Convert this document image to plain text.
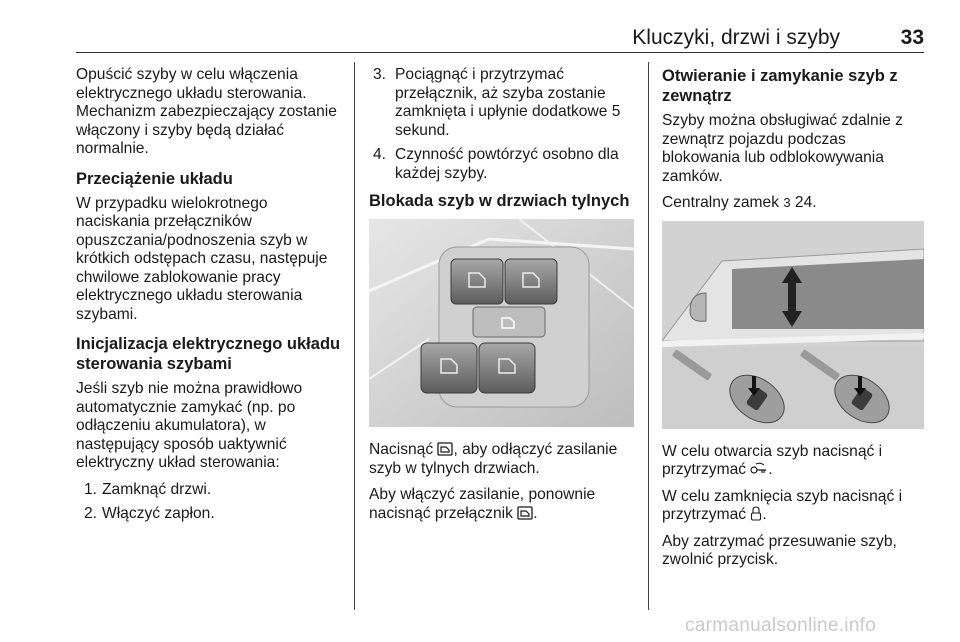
Kluczyki, drzwi i szyby	33

Opuścić szyby w celu włączenia elektrycznego układu sterowania. Mechanizm zabezpieczający zostanie włączony i szyby będą działać normalnie.

Przeciążenie układu

W przypadku wielokrotnego naciskania przełączników opuszczania/podnoszenia szyb w krótkich odstępach czasu, następuje chwilowe zablokowanie pracy elektrycznego układu sterowania szybami.

Inicjalizacja elektrycznego układu sterowania szybami

Jeśli szyb nie można prawidłowo automatycznie zamykać (np. po odłączeniu akumulatora), w następujący sposób uaktywnić elektryczny układ sterowania:

1. Zamknąć drzwi.
2. Włączyć zapłon.
3. Pociągnąć i przytrzymać przełącznik, aż szyba zostanie zamknięta i upłynie dodatkowe 5 sekund.
4. Czynność powtórzyć osobno dla każdej szyby.
Blokada szyb w drzwiach tylnych

Nacisnąć , aby odłączyć zasilanie szyb w tylnych drzwiach.

Aby włączyć zasilanie, ponownie nacisnąć przełącznik .

Otwieranie i zamykanie szyb z zewnątrz

Szyby można obsługiwać zdalnie z zewnątrz pojazdu podczas blokowania lub odblokowywania zamków.

Centralny zamek 3 24.

W celu otwarcia szyb nacisnąć i przytrzymać .

W celu zamknięcia szyb nacisnąć i przytrzymać .

Aby zatrzymać przesuwanie szyb, zwolnić przycisk.

carmanualsonline.info
